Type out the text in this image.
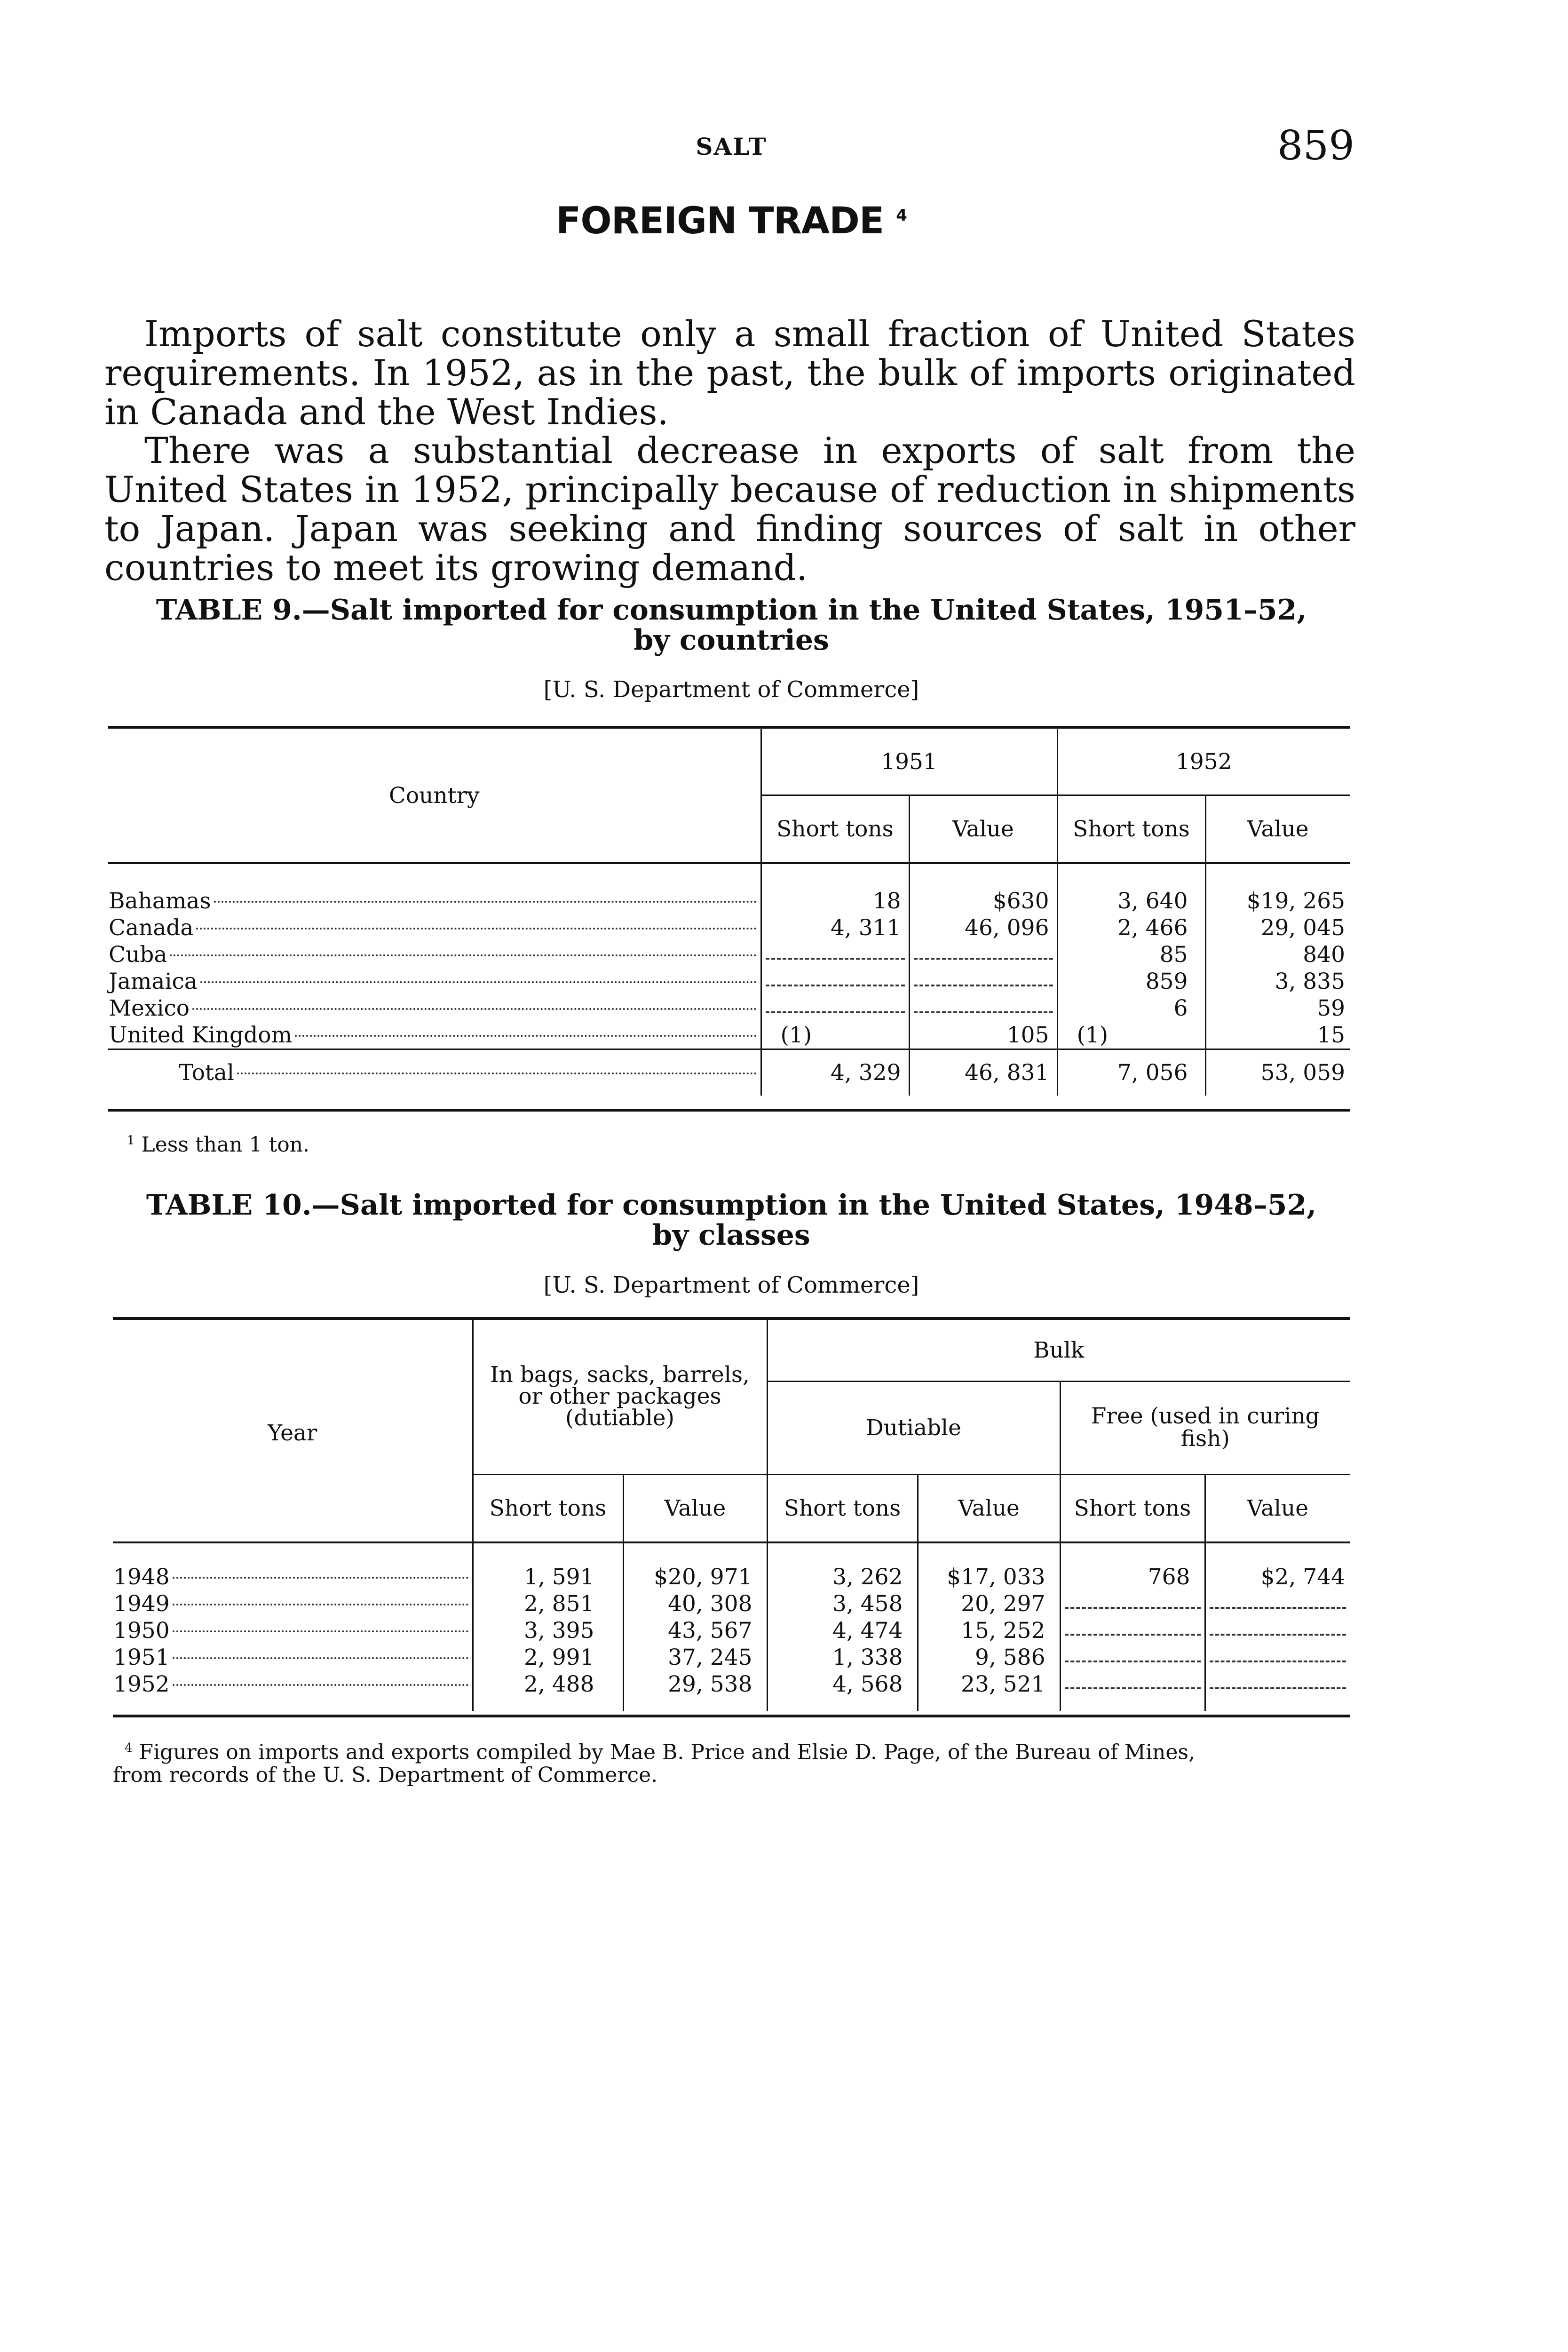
SALT	859
FOREIGN TRADE $^4$

Imports of salt constitute only a small fraction of United States requirements. In 1952, as in the past, the bulk of imports originated in Canada and the West Indies.

There was a substantial decrease in exports of salt from the United States in 1952, principally because of reduction in shipments to Japan. Japan was seeking and finding sources of salt in other countries to meet its growing demand.

TABLE 9.—Salt imported for consumption in the United States, 1951–52,
by countries
[U. S. Department of Commerce]
Country	1951		1952	
	Short tons	Value	Short tons	Value

Bahamas	18	$630	3, 640	$19, 265

Canada	4, 311	46, 096	2, 466	29, 045

Cuba			85	840

Jamaica			859	3, 835

Mexico			6	59

United Kingdom	(1)	105	(1)	15

Total	4, 329	46, 831	7, 056	53, 059
$^1$ Less than 1 ton.
TABLE 10.—Salt imported for consumption in the United States, 1948–52,
by classes
[U. S. Department of Commerce]
Year	In bags, sacks, barrels, or other packages (dutiable)		Bulk			
			Dutiable		Free (used in curing fish)	
	Short tons	Value	Short tons	Value	Short tons	Value

1948	1, 591	$20, 971	3, 262	$17, 033	768	$2, 744

1949	2, 851	40, 308	3, 458	20, 297	

1950	3, 395	43, 567	4, 474	15, 252	

1951	2, 991	37, 245	1, 338	9, 586	

1952	2, 488	29, 538	4, 568	23, 521	

$^4$ Figures on imports and exports compiled by Mae B. Price and Elsie D. Page, of the Bureau of Mines,
from records of the U. S. Department of Commerce.
